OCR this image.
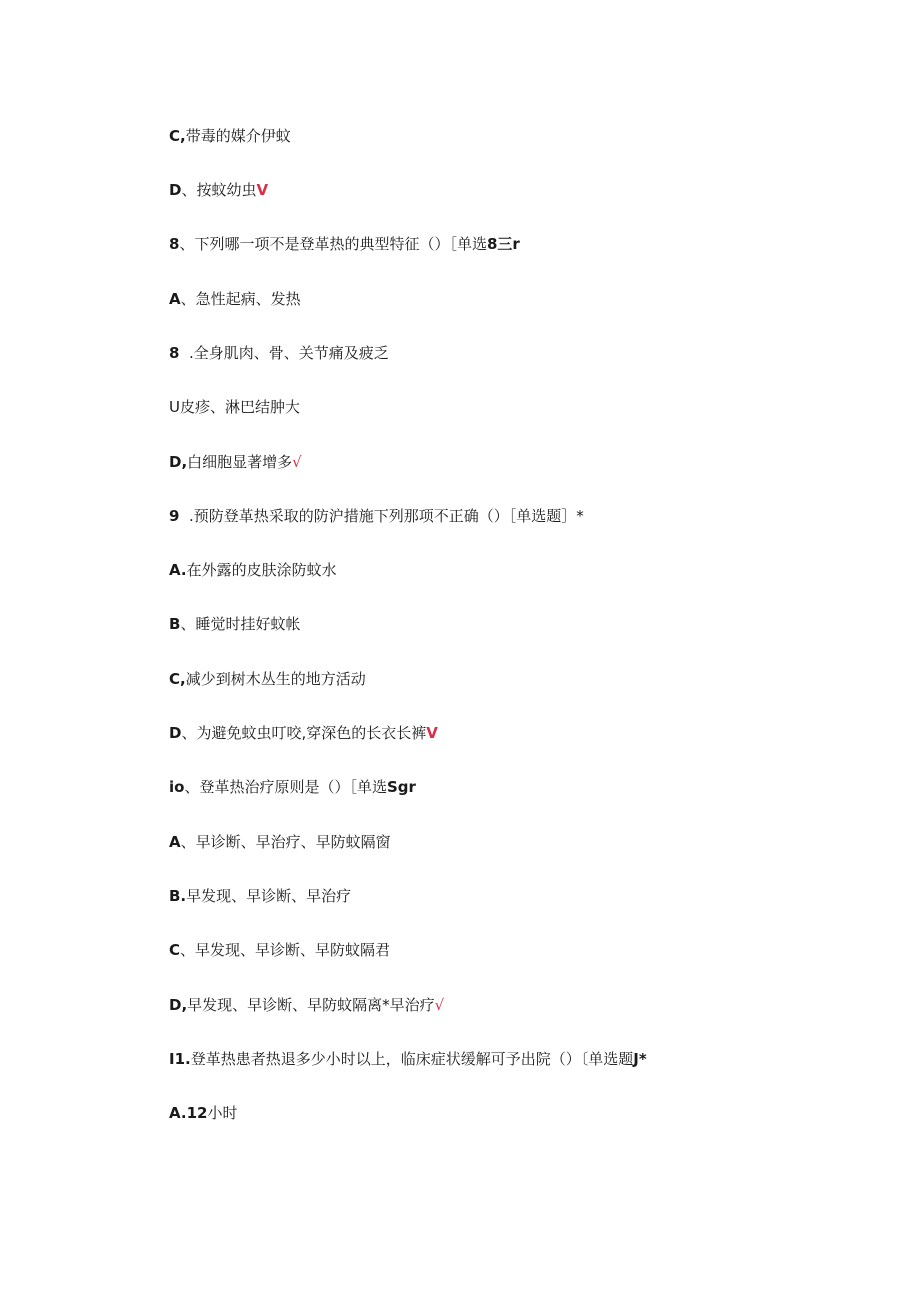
C,带毒的媒介伊蚊
D、按蚊幼虫V
8、下列哪一项不是登革热的典型特征（）［单选8三r
A、急性起病、发热
8  .全身肌肉、骨、关节痛及疲乏
U皮疹、淋巴结肿大
D,白细胞显著增多√
9  .预防登革热采取的防沪措施下列那项不正确（）［单选题］*
A.在外露的皮肤涂防蚊水
B、睡觉时挂好蚊帐
C,减少到树木丛生的地方活动
D、为避免蚊虫叮咬,穿深色的长衣长裤V
io、登革热治疗原则是（）［单选Sgr
A、早诊断、早治疗、早防蚊隔窗
B.早发现、早诊断、早治疗
C、早发现、早诊断、早防蚊隔君
D,早发现、早诊断、早防蚊隔离*早治疗√
I1.登革热患者热退多少小时以上，临床症状缓解可予出院（）〔单选题J*
A.12小时
